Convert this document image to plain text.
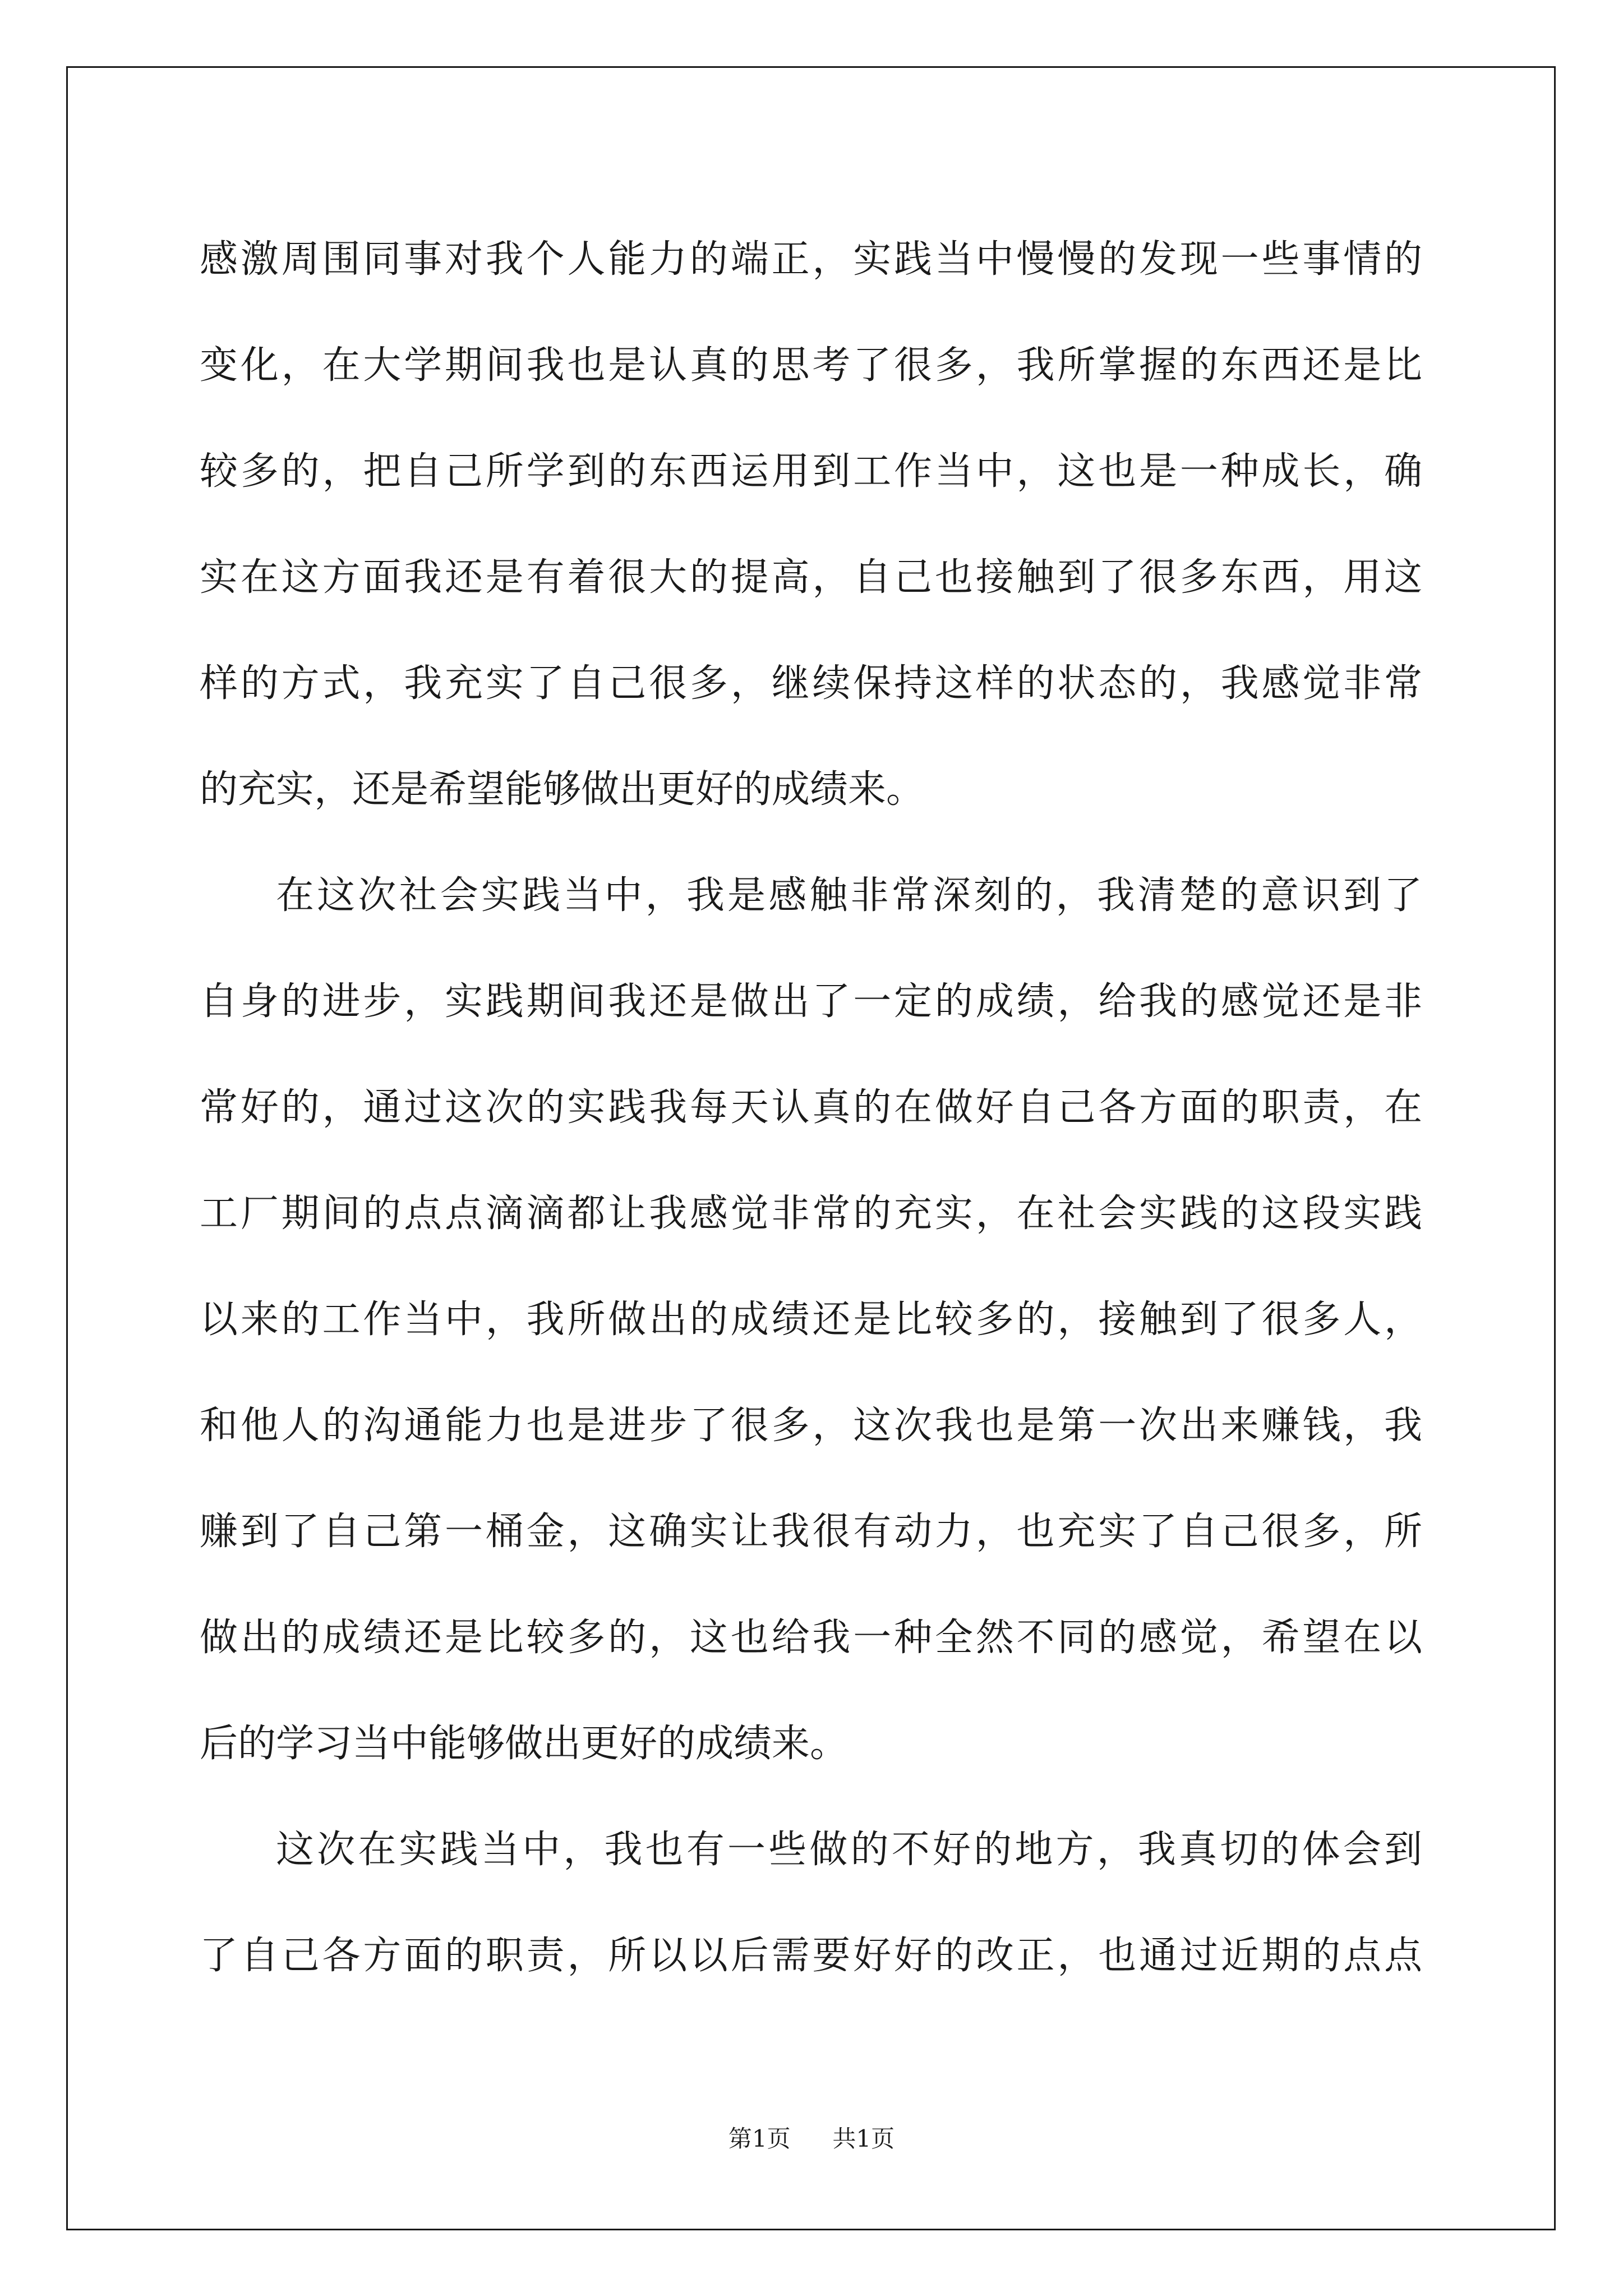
感激周围同事对我个人能力的端正，实践当中慢慢的发现一些事情的
变化，在大学期间我也是认真的思考了很多，我所掌握的东西还是比
较多的，把自己所学到的东西运用到工作当中，这也是一种成长，确
实在这方面我还是有着很大的提高，自己也接触到了很多东西，用这
样的方式，我充实了自己很多，继续保持这样的状态的，我感觉非常
的充实，还是希望能够做出更好的成绩来。
在这次社会实践当中，我是感触非常深刻的，我清楚的意识到了
自身的进步，实践期间我还是做出了一定的成绩，给我的感觉还是非
常好的，通过这次的实践我每天认真的在做好自己各方面的职责，在
工厂期间的点点滴滴都让我感觉非常的充实，在社会实践的这段实践
以来的工作当中，我所做出的成绩还是比较多的，接触到了很多人，
和他人的沟通能力也是进步了很多，这次我也是第一次出来赚钱，我
赚到了自己第一桶金，这确实让我很有动力，也充实了自己很多，所
做出的成绩还是比较多的，这也给我一种全然不同的感觉，希望在以
后的学习当中能够做出更好的成绩来。
这次在实践当中，我也有一些做的不好的地方，我真切的体会到
了自己各方面的职责，所以以后需要好好的改正，也通过近期的点点
第1页 共1页
